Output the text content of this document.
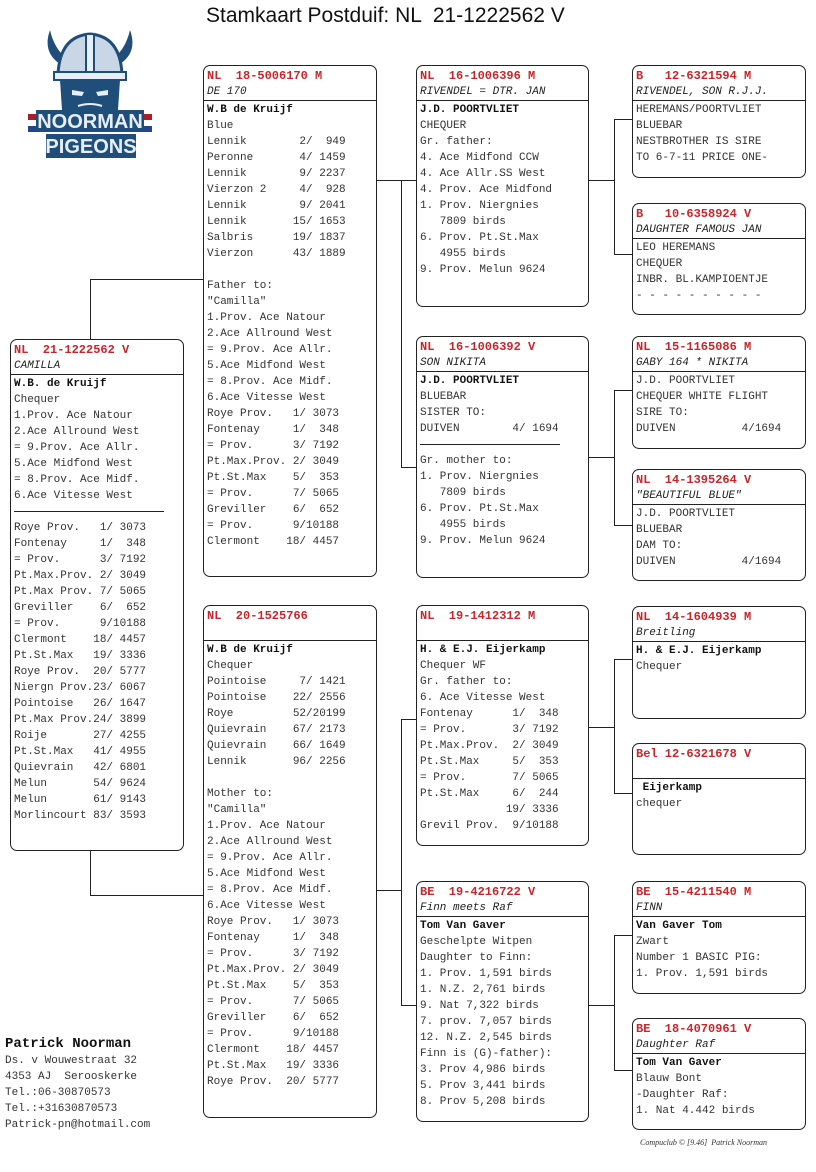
Stamkaart Postduif: NL  21-1222562 V
NOORMAN
PIGEONS
NL  21-1222562 V
CAMILLA
W.B. de Kruijf
Chequer
1.Prov. Ace Natour
2.Ace Allround West
= 9.Prov. Ace Allr.
5.Ace Midfond West
= 8.Prov. Ace Midf.
6.Ace Vitesse West
Roye Prov.   1/ 3073
Fontenay     1/  348
= Prov.      3/ 7192
Pt.Max.Prov. 2/ 3049
Pt.Max Prov. 7/ 5065
Greviller    6/  652
= Prov.      9/10188
Clermont    18/ 4457
Pt.St.Max   19/ 3336
Roye Prov.  20/ 5777
Niergn Prov.23/ 6067
Pointoise   26/ 1647
Pt.Max Prov.24/ 3899
Roije       27/ 4255
Pt.St.Max   41/ 4955
Quievrain   42/ 6801
Melun       54/ 9624
Melun       61/ 9143
Morlincourt 83/ 3593
NL  18-5006170 M
DE 170
W.B de Kruijf
Blue
Lennik        2/  949
Peronne       4/ 1459
Lennik        9/ 2237
Vierzon 2     4/  928
Lennik        9/ 2041
Lennik       15/ 1653
Salbris      19/ 1837
Vierzon      43/ 1889
Father to:
"Camilla"
1.Prov. Ace Natour
2.Ace Allround West
= 9.Prov. Ace Allr.
5.Ace Midfond West
= 8.Prov. Ace Midf.
6.Ace Vitesse West
Roye Prov.   1/ 3073
Fontenay     1/  348
= Prov.      3/ 7192
Pt.Max.Prov. 2/ 3049
Pt.St.Max    5/  353
= Prov.      7/ 5065
Greviller    6/  652
= Prov.      9/10188
Clermont    18/ 4457
NL  20-1525766
W.B de Kruijf
Chequer
Pointoise     7/ 1421
Pointoise    22/ 2556
Roye         52/20199
Quievrain    67/ 2173
Quievrain    66/ 1649
Lennik       96/ 2256
Mother to:
"Camilla"
1.Prov. Ace Natour
2.Ace Allround West
= 9.Prov. Ace Allr.
5.Ace Midfond West
= 8.Prov. Ace Midf.
6.Ace Vitesse West
Roye Prov.   1/ 3073
Fontenay     1/  348
= Prov.      3/ 7192
Pt.Max.Prov. 2/ 3049
Pt.St.Max    5/  353
= Prov.      7/ 5065
Greviller    6/  652
= Prov.      9/10188
Clermont    18/ 4457
Pt.St.Max   19/ 3336
Roye Prov.  20/ 5777
NL  16-1006396 M
RIVENDEL = DTR. JAN
J.D. POORTVLIET
CHEQUER
Gr. father:
4. Ace Midfond CCW
4. Ace Allr.SS West
4. Prov. Ace Midfond
1. Prov. Niergnies
7809 birds
6. Prov. Pt.St.Max
4955 birds
9. Prov. Melun 9624
NL  16-1006392 V
SON NIKITA
J.D. POORTVLIET
BLUEBAR
SISTER TO:
DUIVEN        4/ 1694
Gr. mother to:
1. Prov. Niergnies
7809 birds
6. Prov. Pt.St.Max
4955 birds
9. Prov. Melun 9624
NL  19-1412312 M
H. & E.J. Eijerkamp
Chequer WF
Gr. father to:
6. Ace Vitesse West
Fontenay      1/  348
= Prov.       3/ 7192
Pt.Max.Prov.  2/ 3049
Pt.St.Max     5/  353
= Prov.       7/ 5065
Pt.St.Max     6/  244
19/ 3336
Grevil Prov.  9/10188
BE  19-4216722 V
Finn meets Raf
Tom Van Gaver
Geschelpte Witpen
Daughter to Finn:
1. Prov. 1,591 birds
1. N.Z. 2,761 birds
9. Nat 7,322 birds
7. prov. 7,057 birds
12. N.Z. 2,545 birds
Finn is (G)-father):
3. Prov 4,986 birds
5. Prov 3,441 birds
8. Prov 5,208 birds
B   12-6321594 M
RIVENDEL, SON R.J.J.
HEREMANS/POORTVLIET
BLUEBAR
NESTBROTHER IS SIRE
TO 6-7-11 PRICE ONE-
B   10-6358924 V
DAUGHTER FAMOUS JAN
LEO HEREMANS
CHEQUER
INBR. BL.KAMPIOENTJE
- - - - - - - - - -
NL  15-1165086 M
GABY 164 * NIKITA
J.D. POORTVLIET
CHEQUER WHITE FLIGHT
SIRE TO:
DUIVEN          4/1694
NL  14-1395264 V
"BEAUTIFUL BLUE"
J.D. POORTVLIET
BLUEBAR
DAM TO:
DUIVEN          4/1694
NL  14-1604939 M
Breitling
H. & E.J. Eijerkamp
Chequer
Bel 12-6321678 V
Eijerkamp
chequer
BE  15-4211540 M
FINN
Van Gaver Tom
Zwart
Number 1 BASIC PIG:
1. Prov. 1,591 birds
BE  18-4070961 V
Daughter Raf
Tom Van Gaver
Blauw Bont
-Daughter Raf:
1. Nat 4.442 birds
Patrick Noorman
Ds. v Wouwestraat 32
4353 AJ  Serooskerke
Tel.:06-30870573
Tel.:+31630870573
Patrick-pn@hotmail.com
Compuclub © [9.46]  Patrick Noorman
